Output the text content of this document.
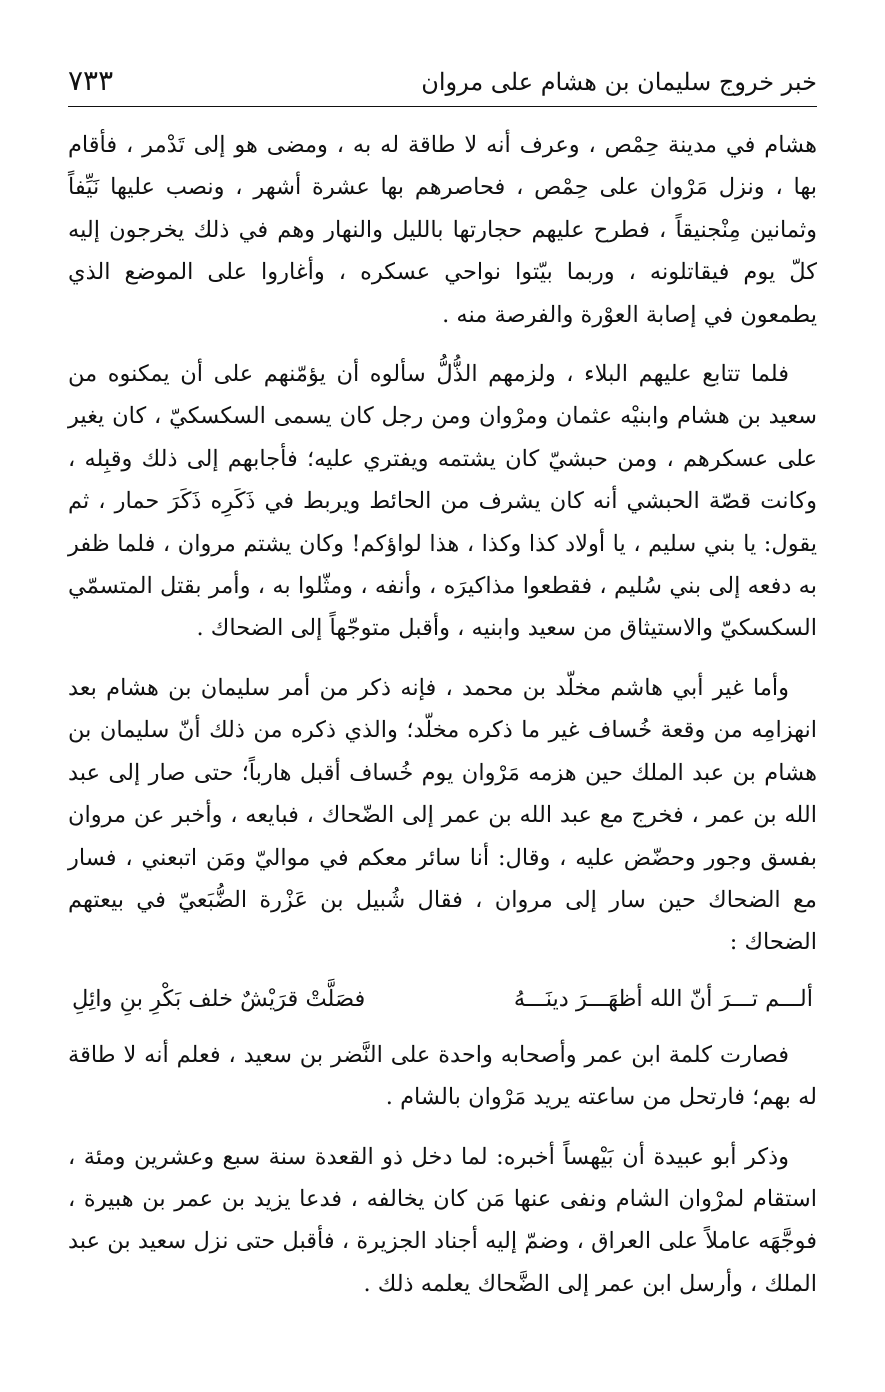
٧٣٣	خبر خروج سليمان بن هشام على مروان

هشام في مدينة حِمْص ، وعرف أنه لا طاقة له به ، ومضى هو إلى تَدْمر ، فأقام بها ، ونزل مَرْوان على حِمْص ، فحاصرهم بها عشرة أشهر ، ونصب عليها نَيِّفاً وثمانين مِنْجنيقاً ، فطرح عليهم حجارتها بالليل والنهار وهم في ذلك يخرجون إليه كلّ يوم فيقاتلونه ، وربما بيّتوا نواحي عسكره ، وأغاروا على الموضع الذي يطمعون في إصابة العوْرة والفرصة منه .

فلما تتابع عليهم البلاء ، ولزمهم الذُّلُّ سألوه أن يؤمّنهم على أن يمكنوه من سعيد بن هشام وابنيْه عثمان ومرْوان ومن رجل كان يسمى السكسكيّ ، كان يغير على عسكرهم ، ومن حبشيّ كان يشتمه ويفتري عليه؛ فأجابهم إلى ذلك وقبِله ، وكانت قصّة الحبشي أنه كان يشرف من الحائط ويربط في ذَكَرِه ذَكَرَ حمار ، ثم يقول: يا بني سليم ، يا أولاد كذا وكذا ، هذا لواؤكم! وكان يشتم مروان ، فلما ظفر به دفعه إلى بني سُليم ، فقطعوا مذاكيرَه ، وأنفه ، ومثّلوا به ، وأمر بقتل المتسمّي السكسكيّ والاستيثاق من سعيد وابنيه ، وأقبل متوجّهاً إلى الضحاك .

وأما غير أبي هاشم مخلّد بن محمد ، فإنه ذكر من أمر سليمان بن هشام بعد انهزامِه من وقعة خُساف غير ما ذكره مخلّد؛ والذي ذكره من ذلك أنّ سليمان بن هشام بن عبد الملك حين هزمه مَرْوان يوم خُساف أقبل هارباً؛ حتى صار إلى عبد الله بن عمر ، فخرج مع عبد الله بن عمر إلى الضّحاك ، فبايعه ، وأخبر عن مروان بفسق وجور وحضّض عليه ، وقال: أنا سائر معكم في مواليّ ومَن اتبعني ، فسار مع الضحاك حين سار إلى مروان ، فقال شُبيل بن عَزْرة الضُّبَعيّ في بيعتهم الضحاك :

ألـــم تـــرَ أنّ الله أظهَـــرَ دينَـــهُ
فصَلَّتْ قرَيْشٌ خلف بَكْرِ بنِ وائِلِ

فصارت كلمة ابن عمر وأصحابه واحدة على النَّضر بن سعيد ، فعلم أنه لا طاقة له بهم؛ فارتحل من ساعته يريد مَرْوان بالشام .

وذكر أبو عبيدة أن بَيْهساً أخبره: لما دخل ذو القعدة سنة سبع وعشرين ومئة ، استقام لمرْوان الشام ونفى عنها مَن كان يخالفه ، فدعا يزيد بن عمر بن هبيرة ، فوجَّهَه عاملاً على العراق ، وضمّ إليه أجناد الجزيرة ، فأقبل حتى نزل سعيد بن عبد الملك ، وأرسل ابن عمر إلى الضَّحاك يعلمه ذلك .
